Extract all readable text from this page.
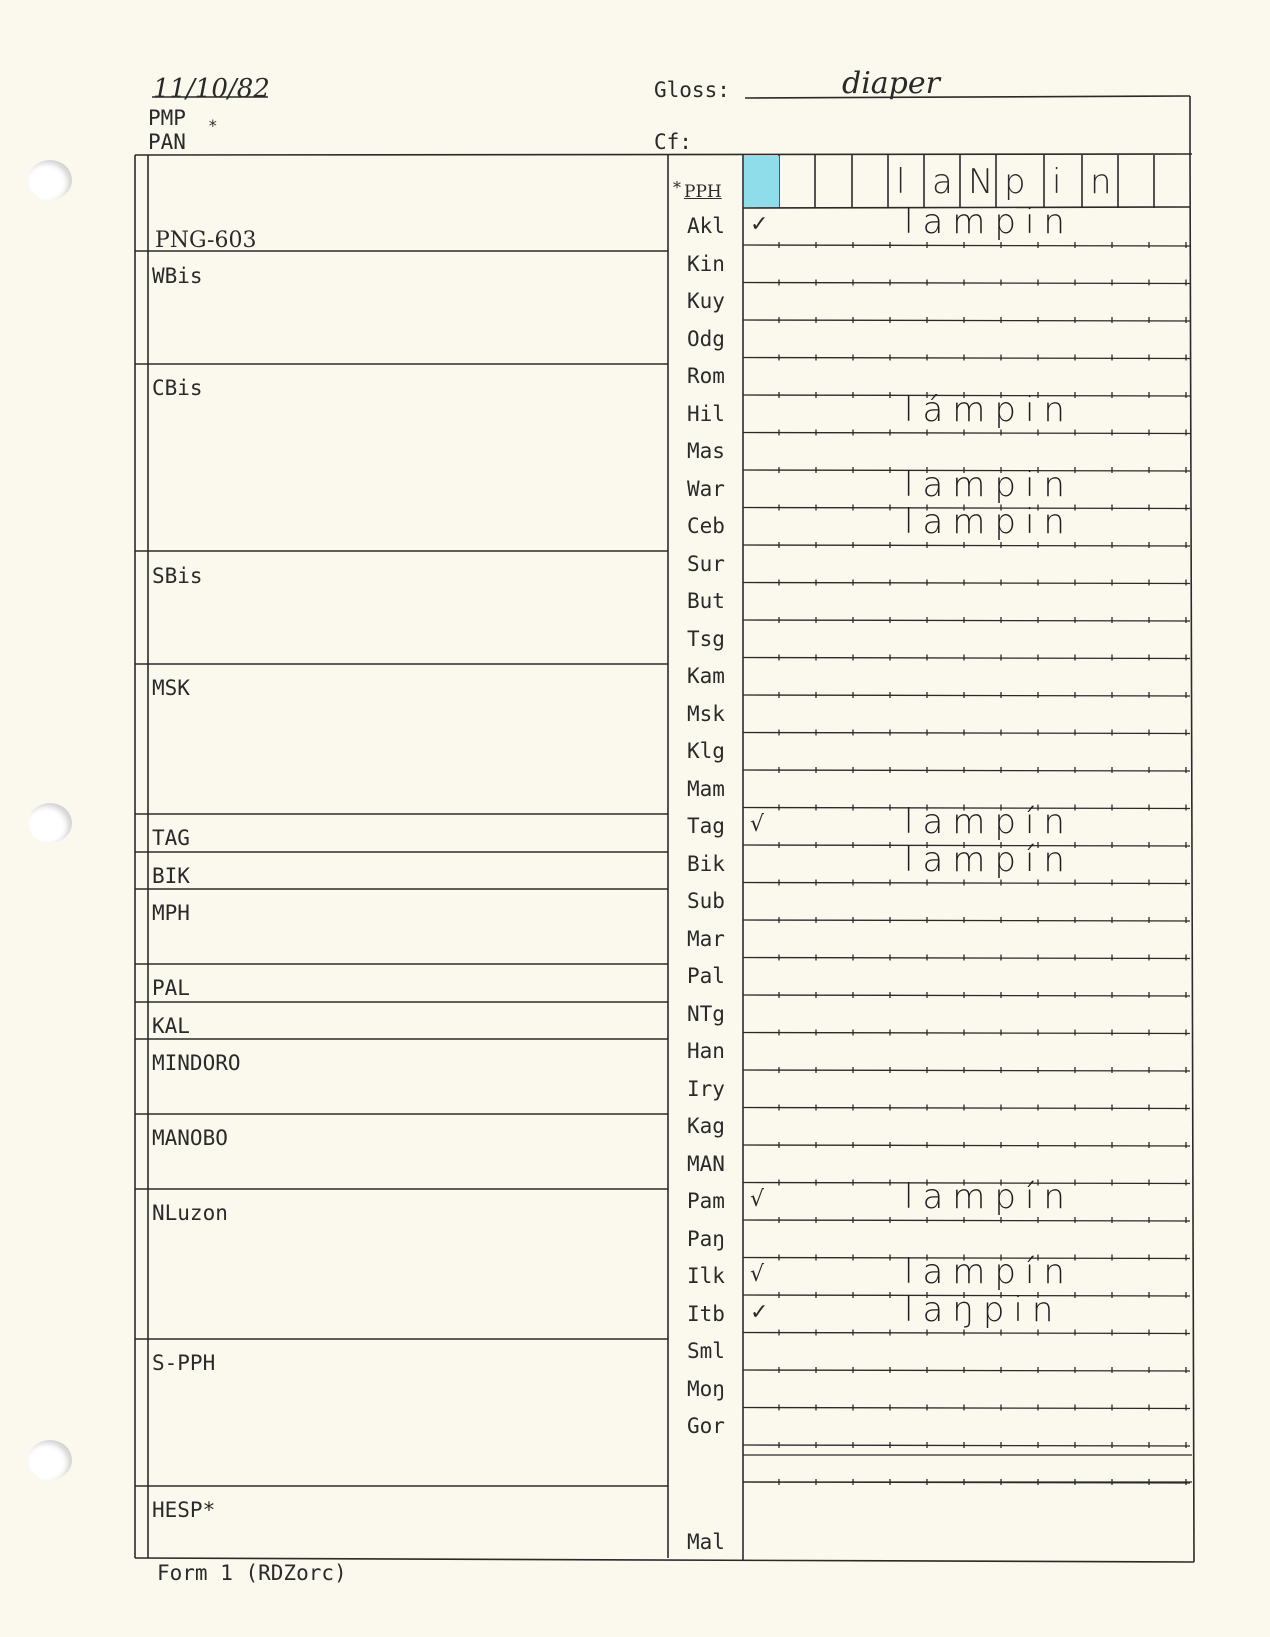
11/10/82
PMP *
PAN
Gloss:	diaper
Cf:
PNG-603
WBis
CBis
SBis
MSK
TAG
BIK
MPH
PAL
KAL
MINDORO
MANOBO
NLuzon
S-PPH
HESP*
* PPH	l a N p i n
Akl ✓	lampin
Kin
Kuy
Odg
Rom
Hil	lámpin
Mas
War	lampin
Ceb	lampin
Sur
But
Tsg
Kam
Msk
Klg
Mam
Tag √	lampín
Bik	lampín
Sub
Mar
Pal
NTg
Han
Iry
Kag
MAN
Pam √	lampín
Paŋ
Ilk √	lampín
Itb ✓	laŋpin
Sml
Moŋ
Gor
Mal
Form 1 (RDZorc)
